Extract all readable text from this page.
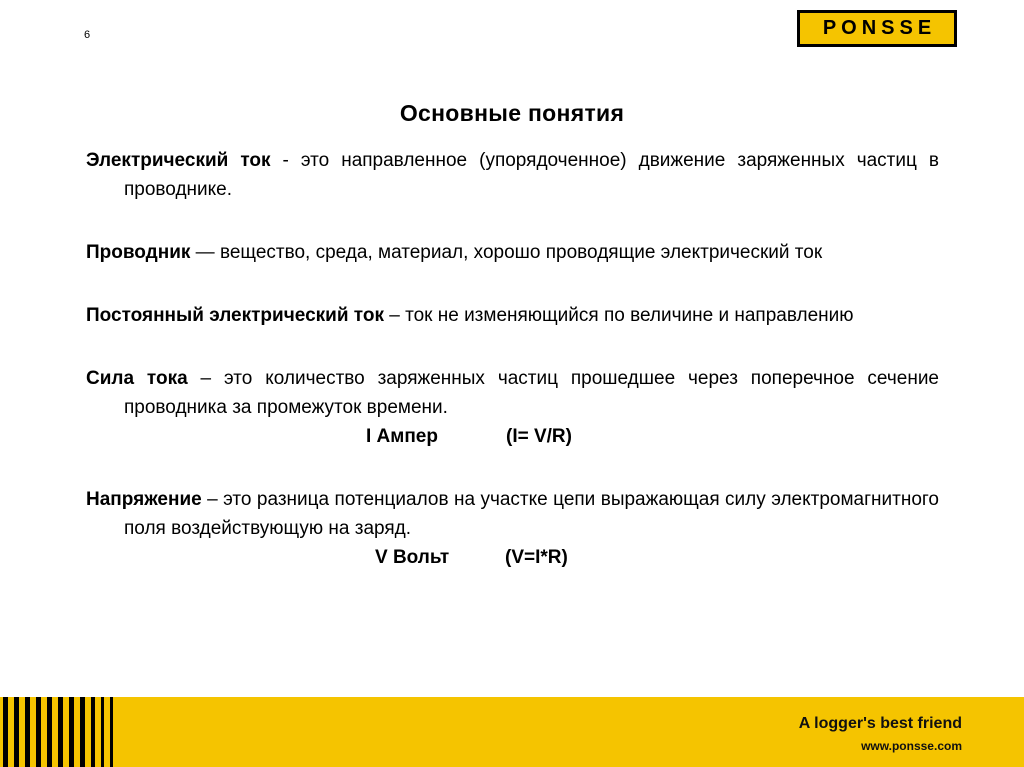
6	PONSSE
Основные понятия
Электрический ток - это направленное (упорядоченное) движение заряженных частиц в проводнике.
Проводник — вещество, среда, материал, хорошо проводящие электрический ток
Постоянный электрический ток – ток не изменяющийся по величине и направлению
Сила тока – это количество заряженных частиц прошедшее через поперечное сечение проводника за промежуток времени.
I Ампер	(I= V/R)
Напряжение – это разница потенциалов на участке цепи выражающая силу электромагнитного поля воздействующую на заряд.
V Вольт	(V=I*R)
A logger's best friend
www.ponsse.com
